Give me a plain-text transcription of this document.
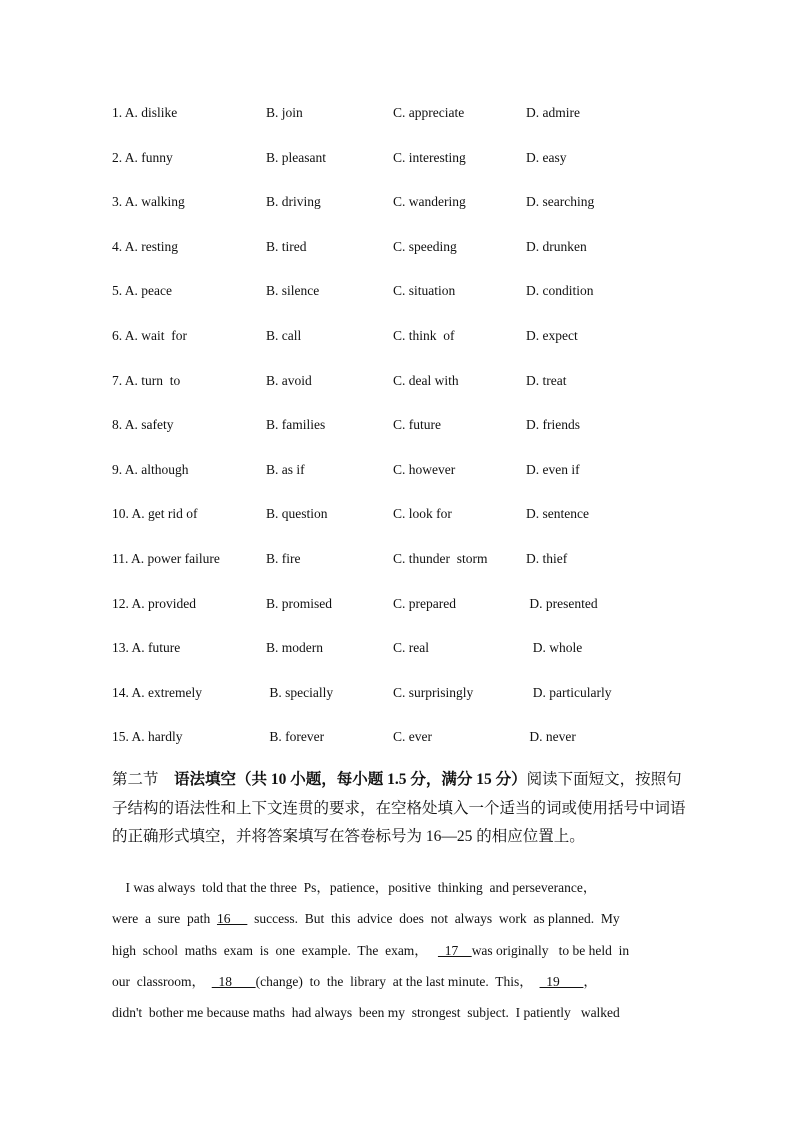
1. A. dislike	B. join	C. appreciate	D. admire
2. A. funny	B. pleasant	C. interesting	D. easy
3. A. walking	B. driving	C. wandering	D. searching
4. A. resting	B. tired	C. speeding	D. drunken
5. A. peace	B. silence	C. situation	D. condition
6. A. wait  for	B. call	C. think  of	D. expect
7. A. turn  to	B. avoid	C. deal with	D. treat
8. A. safety	B. families	C. future	D. friends
9. A. although	B. as if	C. however	D. even if
10. A. get rid of	B. question	C. look for	D. sentence
11. A. power failure	B. fire	C. thunder  storm	D. thief
12. A. provided	B. promised	C. prepared	D. presented
13. A. future	B. modern	C. real	D. whole
14. A. extremely	B. specially	C. surprisingly	D. particularly
15. A. hardly	B. forever	C. ever	D. never
第二节 语法填空（共 10 小题，每小题 1.5 分，满分 15 分）阅读下面短文，按照句子结构的语法性和上下文连贯的要求，在空格处填入一个适当的词或使用括号中词语的正确形式填空，并将答案填写在答卷标号为 16—25 的相应位置上。
I was always  told that the three  Ps，patience，positive  thinking  and perseverance，
were  a  sure  path  16       success.  But  this  advice  does  not  always  work  as planned.  My
high  school  maths  exam  is  one  example.  The  exam，     17    was originally   to be held  in
our  classroom，    18       (change)  to  the  library  at the last minute.  This，    19       ，
didn't  bother me because maths  had always  been my  strongest  subject.  I patiently   walked
